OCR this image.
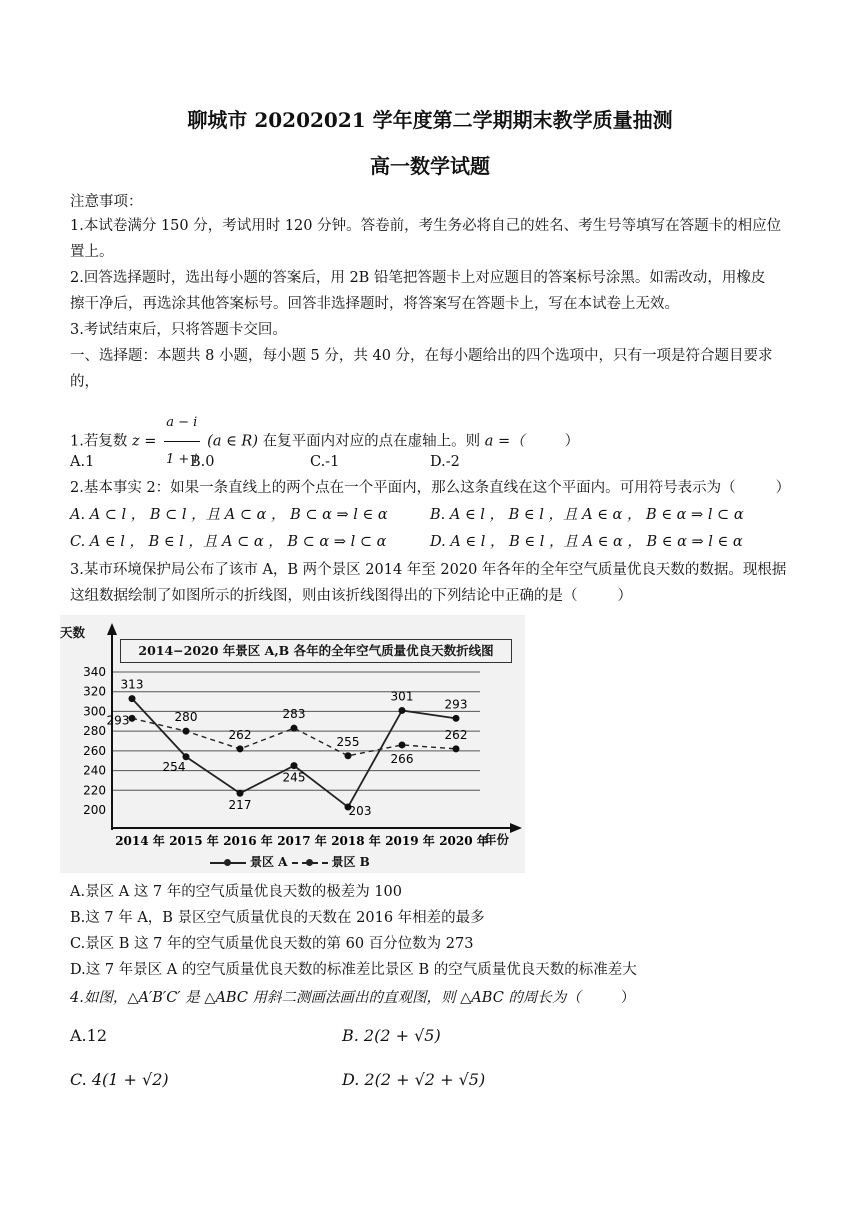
聊城市 20202021 学年度第二学期期末教学质量抽测
高一数学试题
注意事项：
1.本试卷满分 150 分，考试用时 120 分钟。答卷前，考生务必将自己的姓名、考生号等填写在答题卡的相应位
置上。
2.回答选择题时，选出每小题的答案后，用 2B 铅笔把答题卡上对应题目的答案标号涂黑。如需改动，用橡皮
擦干净后，再选涂其他答案标号。回答非选择题时，将答案写在答题卡上，写在本试卷上无效。
3.考试结束后，只将答题卡交回。
一、选择题：本题共 8 小题，每小题 5 分，共 40 分，在每小题给出的四个选项中，只有一项是符合题目要求
的，
1.若复数 $z = \frac{a - i}{1 + i} (a$ ∈ R) 在复平面内对应的点在虚轴上。则 a =（	）
A.1	B.0	C.-1	D.-2
2.基本事实 2：如果一条直线上的两个点在一个平面内，那么这条直线在这个平面内。可用符号表示为（	）
A. A ⊂ l ， B ⊂ l ，且 A ⊂ α ， B ⊂ α ⇒ l ∈ α	B. A ∈ l ， B ∈ l ，且 A ∈ α ， B ∈ α ⇒ l ⊂ α
C. A ∈ l ， B ∈ l ，且 A ⊂ α ， B ⊂ α ⇒ l ⊂ α	D. A ∈ l ， B ∈ l ，且 A ∈ α ， B ∈ α ⇒ l ∈ α
3.某市环境保护局公布了该市 A，B 两个景区 2014 年至 2020 年各年的全年空气质量优良天数的数据。现根据
这组数据绘制了如图所示的折线图，则由该折线图得出的下列结论中正确的是（	）
200
220
240
260
280
300
320
340
2014 年 2015 年 2016 年 2017 年 2018 年 2019 年 2020 年
313
254
217
245
203
301
293
293	280
262
283
255
266
262
天数
2014−2020 年景区 A,B 各年的全年空气质量优良天数折线图
年份
景区 A	景区 B
A.景区 A 这 7 年的空气质量优良天数的极差为 100
B.这 7 年 A，B 景区空气质量优良的天数在 2016 年相差的最多
C.景区 B 这 7 年的空气质量优良天数的第 60 百分位数为 273
D.这 7 年景区 A 的空气质量优良天数的标准差比景区 B 的空气质量优良天数的标准差大
4.如图，△A′B′C′ 是 △ABC 用斜二测画法画出的直观图，则 △ABC 的周长为（	）
A.12	B. 2(2 + √5)
C. 4(1 + √2)	D. 2(2 + √2 + √5)
